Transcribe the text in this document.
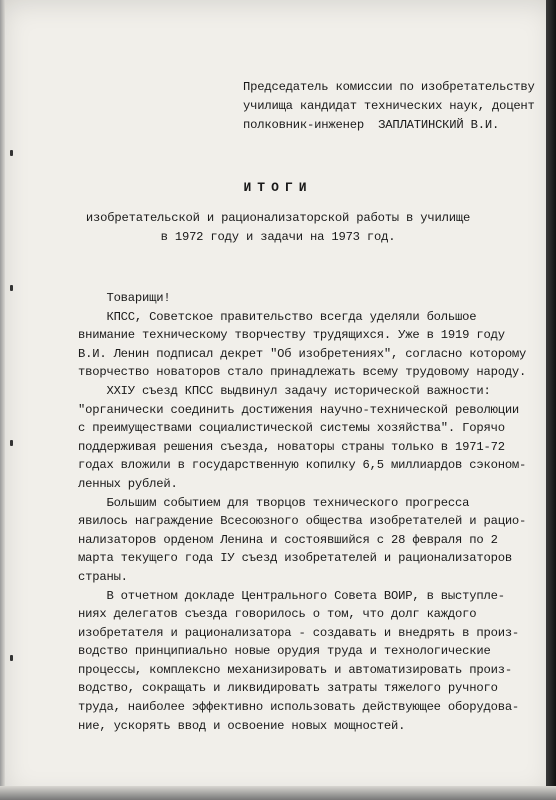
Председатель комиссии по изобретательству
училища кандидат технических наук, доцент
полковник-инженер  ЗАПЛАТИНСКИЙ В.И.
ИТОГИ
изобретательской и рационализаторской работы в училище
в 1972 году и задачи на 1973 год.
Товарищи!
КПСС, Советское правительство всегда уделяли большое
внимание техническому творчеству трудящихся. Уже в 1919 году
В.И. Ленин подписал декрет "Об изобретениях", согласно которому
творчество новаторов стало принадлежать всему трудовому народу.
XXIУ съезд КПСС выдвинул задачу исторической важности:
"органически соединить достижения научно-технической революции
с преимуществами социалистической системы хозяйства". Горячо
поддерживая решения съезда, новаторы страны только в 1971-72
годах вложили в государственную копилку 6,5 миллиардов сэконом-
ленных рублей.
Большим событием для творцов технического прогресса
явилось награждение Всесоюзного общества изобретателей и рацио-
нализаторов орденом Ленина и состоявшийся с 28 февраля по 2
марта текущего года IУ съезд изобретателей и рационализаторов
страны.
В отчетном докладе Центрального Совета ВОИР, в выступле-
ниях делегатов съезда говорилось о том, что долг каждого
изобретателя и рационализатора - создавать и внедрять в произ-
водство принципиально новые орудия труда и технологические
процессы, комплексно механизировать и автоматизировать произ-
водство, сокращать и ликвидировать затраты тяжелого ручного
труда, наиболее эффективно использовать действующее оборудова-
ние, ускорять ввод и освоение новых мощностей.
